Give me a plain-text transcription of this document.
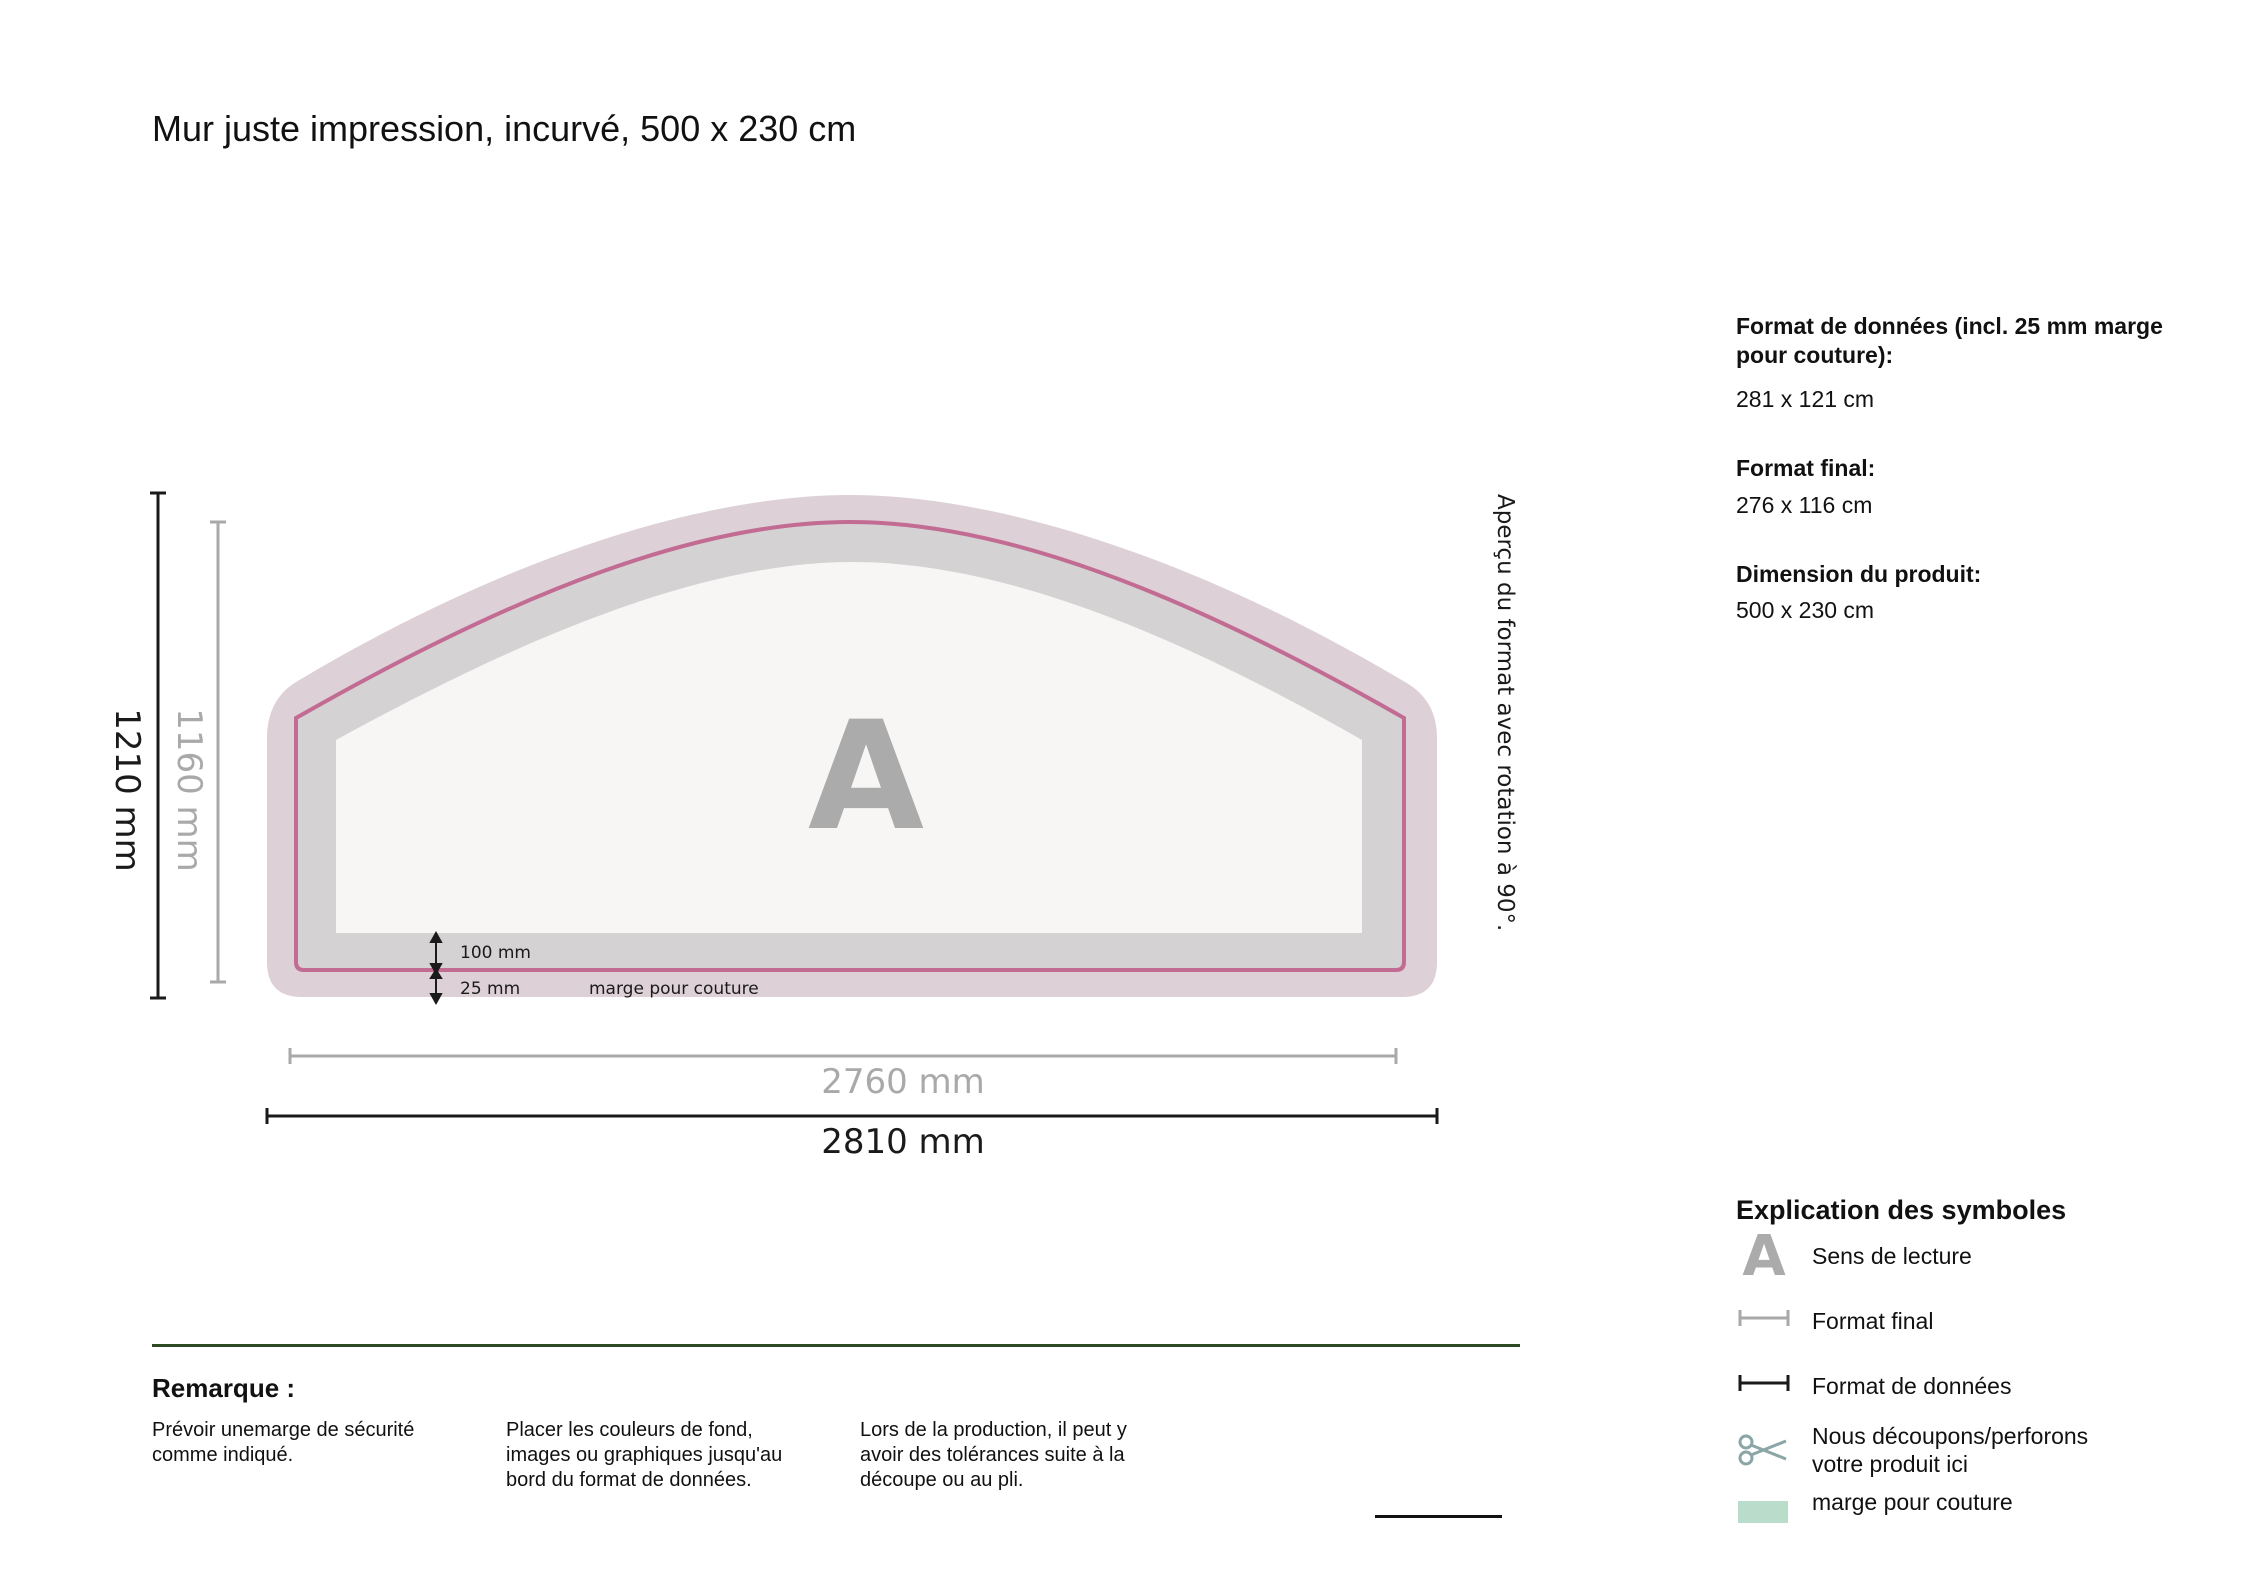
Mur juste impression, incurvé, 500 x 230 cm
A
1210 mm 1160 mm
2760 mm
2810 mm
100 mm
25 mm	marge pour couture
Aperçu du format avec rotation à 90°.
Format de données (incl. 25 mm marge pour couture):
281 x 121 cm
Format final:
276 x 116 cm
Dimension du produit:
500 x 230 cm
Remarque :
Prévoir unemarge de sécurité comme indiqué.
Placer les couleurs de fond, images ou graphiques jusqu'au bord du format de données.
Lors de la production, il peut y avoir des tolérances suite à la découpe ou au pli.
Explication des symboles
A Sens de lecture
Format final
Format de données
Nous découpons/perforons votre produit ici
marge pour couture
